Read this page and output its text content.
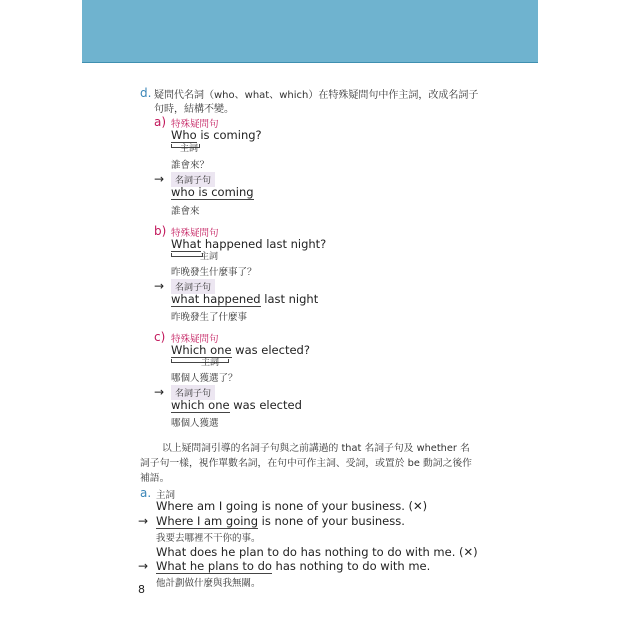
d. 疑問代名詞（who、what、which）在特殊疑問句中作主詞，改成名詞子
句時，結構不變。
a) 特殊疑問句
Who is coming?
主詞
誰會來？
→	名詞子句
who is coming
誰會來
b) 特殊疑問句
What happened last night?
主詞
昨晚發生什麼事了？
→	名詞子句
what happened last night
昨晚發生了什麼事
c) 特殊疑問句
Which one was elected?
主詞
哪個人獲選了？
→	名詞子句
which one was elected
哪個人獲選
以上疑問詞引導的名詞子句與之前講過的 that 名詞子句及 whether 名
詞子句一樣，視作單數名詞，在句中可作主詞、受詞，或置於 be 動詞之後作
補語。
a. 主詞
Where am I going is none of your business. (✕)
→ Where I am going is none of your business.
我要去哪裡不干你的事。
What does he plan to do has nothing to do with me. (✕)
→ What he plans to do has nothing to do with me.
他計劃做什麼與我無關。
8
